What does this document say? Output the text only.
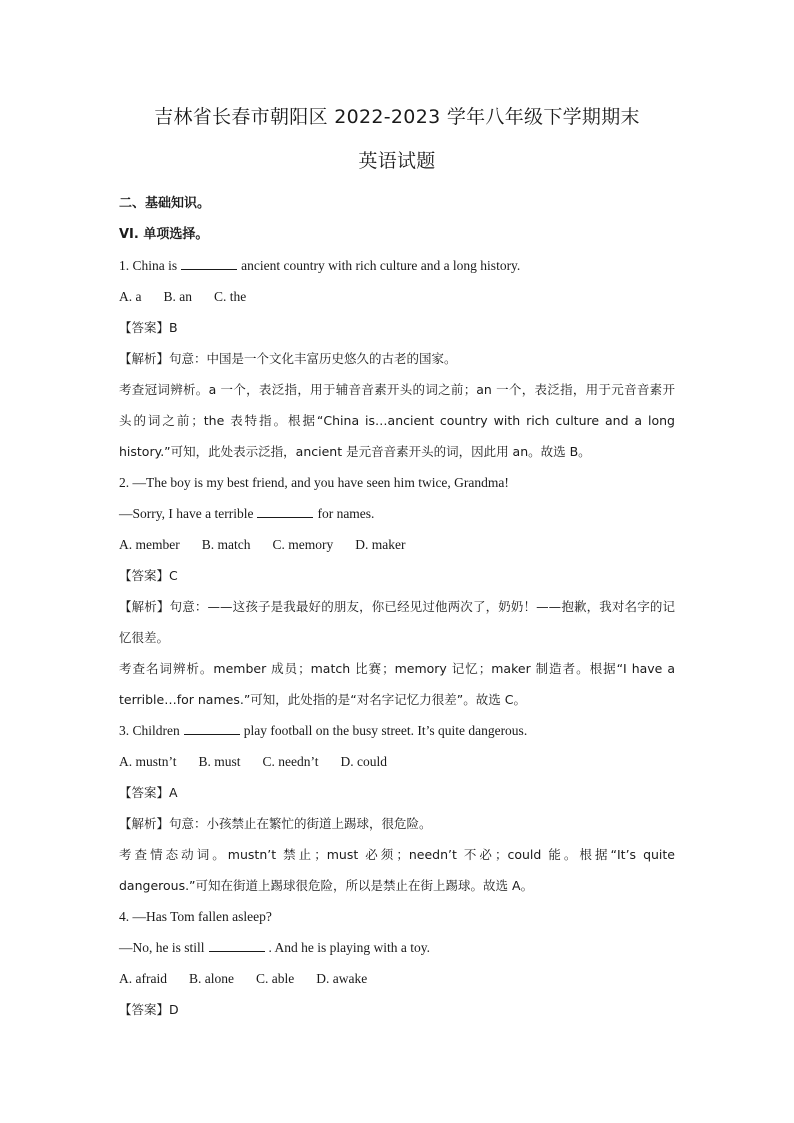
吉林省长春市朝阳区 2022-2023 学年八年级下学期期末
英语试题
二、基础知识。
VI. 单项选择。
1. China is	ancient country with rich culture and a long history.
A. a B. an C. the
【答案】B
【解析】句意：中国是一个文化丰富历史悠久的古老的国家。
考查冠词辨析。a 一个，表泛指，用于辅音音素开头的词之前；an 一个，表泛指，用于元音音素开头的词之前；the 表特指。根据“China is…ancient country with rich culture and a long history.”可知，此处表示泛指，ancient 是元音音素开头的词，因此用 an。故选 B。
2. —The boy is my best friend, and you have seen him twice, Grandma!
—Sorry, I have a terrible	for names.
A. member B. match C. memory D. maker
【答案】C
【解析】句意：——这孩子是我最好的朋友，你已经见过他两次了，奶奶！——抱歉，我对名字的记忆很差。
考查名词辨析。member 成员；match 比赛；memory 记忆；maker 制造者。根据“I have a terrible…for names.”可知，此处指的是“对名字记忆力很差”。故选 C。
3. Children	play football on the busy street. It’s quite dangerous.
A. mustn’t B. must C. needn’t D. could
【答案】A
【解析】句意：小孩禁止在繁忙的街道上踢球，很危险。
考查情态动词。mustn’t 禁止；must 必须；needn’t 不必；could 能。根据“It’s quite dangerous.”可知在街道上踢球很危险，所以是禁止在街上踢球。故选 A。
4. —Has Tom fallen asleep?
—No, he is still	. And he is playing with a toy.
A. afraid B. alone C. able D. awake
【答案】D
